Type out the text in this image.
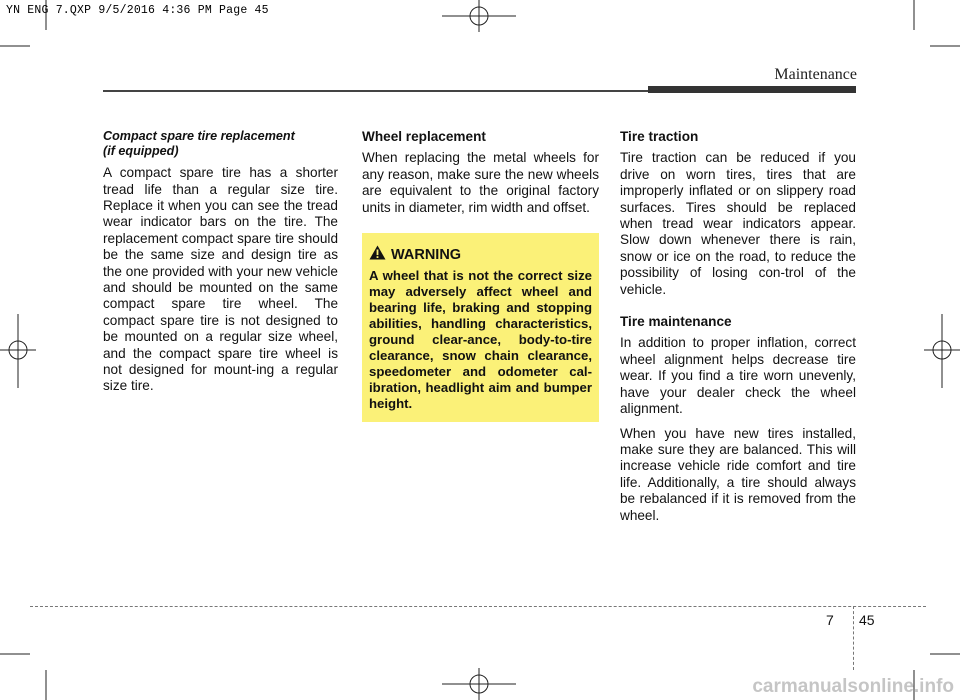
YN ENG 7.QXP 9/5/2016 4:36 PM Page 45
Maintenance
Compact spare tire replacement
(if equipped)

A compact spare tire has a shorter tread life than a regular size tire. Replace it when you can see the tread wear indicator bars on the tire. The replacement compact spare tire should be the same size and design tire as the one provided with your new vehicle and should be mounted on the same compact spare tire wheel. The compact spare tire is not designed to be mounted on a regular size wheel, and the compact spare tire wheel is not designed for mount-ing a regular size tire.

Wheel replacement

When replacing the metal wheels for any reason, make sure the new wheels are equivalent to the original factory units in diameter, rim width and offset.

WARNING

A wheel that is not the correct size may adversely affect wheel and bearing life, braking and stopping abilities, handling characteristics, ground clear-ance, body-to-tire clearance, snow chain clearance, speedometer and odometer cal-ibration, headlight aim and bumper height.

Tire traction

Tire traction can be reduced if you drive on worn tires, tires that are improperly inflated or on slippery road surfaces. Tires should be replaced when tread wear indicators appear. Slow down whenever there is rain, snow or ice on the road, to reduce the possibility of losing con-trol of the vehicle.

Tire maintenance

In addition to proper inflation, correct wheel alignment helps decrease tire wear. If you find a tire worn unevenly, have your dealer check the wheel alignment.

When you have new tires installed, make sure they are balanced. This will increase vehicle ride comfort and tire life. Additionally, a tire should always be rebalanced if it is removed from the wheel.

7 45
carmanualsonline.info
